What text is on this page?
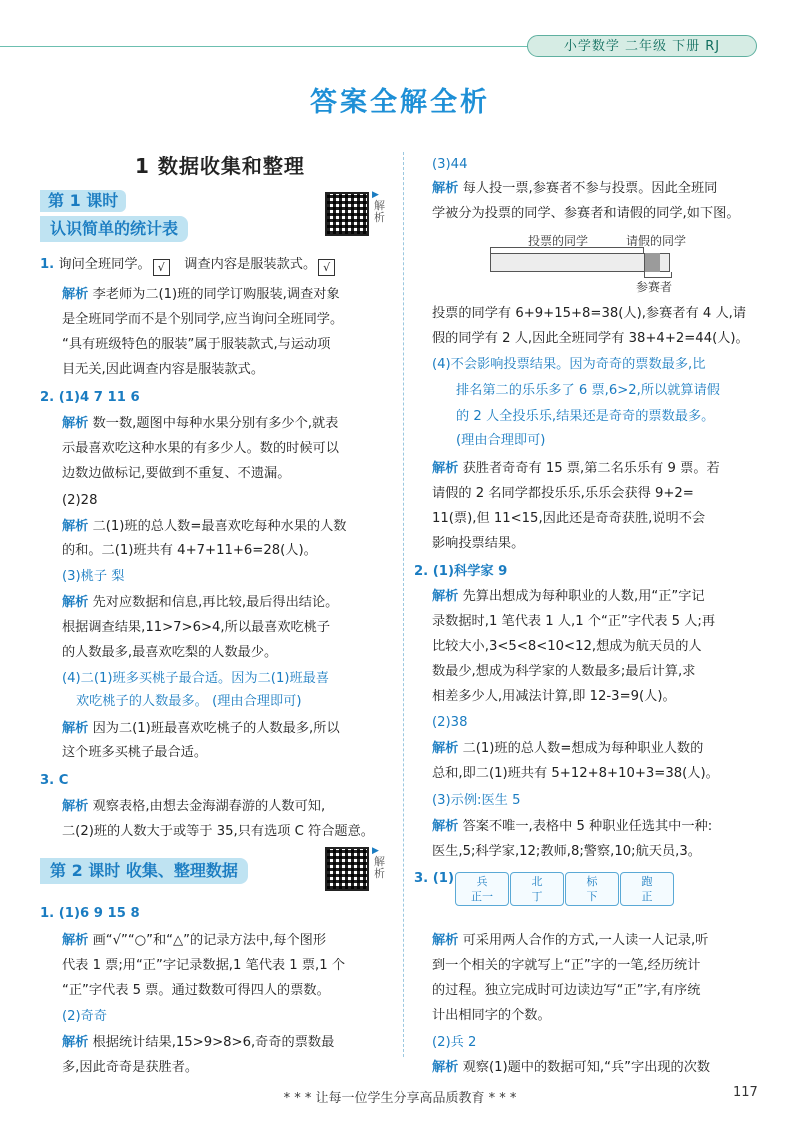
小学数学 二年级 下册 RJ
答案全解全析
1 数据收集和整理
第 1 课时
认识简单的统计表
解析
▶
1. 询问全班同学。 √   调查内容是服装款式。 √
解析 李老师为二(1)班的同学订购服装,调查对象
是全班同学而不是个别同学,应当询问全班同学。
“具有班级特色的服装”属于服装款式,与运动项
目无关,因此调查内容是服装款式。
2. (1)4 7 11 6
解析 数一数,题图中每种水果分别有多少个,就表
示最喜欢吃这种水果的有多少人。数的时候可以
边数边做标记,要做到不重复、不遗漏。
(2)28
解析 二(1)班的总人数=最喜欢吃每种水果的人数
的和。二(1)班共有 4+7+11+6=28(人)。
(3)桃子 梨
解析 先对应数据和信息,再比较,最后得出结论。
根据调查结果,11>7>6>4,所以最喜欢吃桃子
的人数最多,最喜欢吃梨的人数最少。
(4)二(1)班多买桃子最合适。因为二(1)班最喜
欢吃桃子的人数最多。 (理由合理即可)
解析 因为二(1)班最喜欢吃桃子的人数最多,所以
这个班多买桃子最合适。
3. C
解析 观察表格,由想去金海湖春游的人数可知,
二(2)班的人数大于或等于 35,只有选项 C 符合题意。
第 2 课时 收集、整理数据	解析
▶
1. (1)6 9 15 8
解析 画“√”“○”和“△”的记录方法中,每个图形
代表 1 票;用“正”字记录数据,1 笔代表 1 票,1 个
“正”字代表 5 票。通过数数可得四人的票数。
(2)奇奇
解析 根据统计结果,15>9>8>6,奇奇的票数最
多,因此奇奇是获胜者。
(3)44
解析 每人投一票,参赛者不参与投票。因此全班同
学被分为投票的同学、参赛者和请假的同学,如下图。
投票的同学	请假的同学
参赛者
投票的同学有 6+9+15+8=38(人),参赛者有 4 人,请
假的同学有 2 人,因此全班同学有 38+4+2=44(人)。
(4)不会影响投票结果。因为奇奇的票数最多,比
排名第二的乐乐多了 6 票,6>2,所以就算请假
的 2 人全投乐乐,结果还是奇奇的票数最多。
(理由合理即可)
解析 获胜者奇奇有 15 票,第二名乐乐有 9 票。若
请假的 2 名同学都投乐乐,乐乐会获得 9+2=
11(票),但 11<15,因此还是奇奇获胜,说明不会
影响投票结果。
2. (1)科学家 9
解析 先算出想成为每种职业的人数,用“正”字记
录数据时,1 笔代表 1 人,1 个“正”字代表 5 人;再
比较大小,3<5<8<10<12,想成为航天员的人
数最少,想成为科学家的人数最多;最后计算,求
相差多少人,用减法计算,即 12-3=9(人)。
(2)38
解析 二(1)班的总人数=想成为每种职业人数的
总和,即二(1)班共有 5+12+8+10+3=38(人)。
(3)示例:医生 5
解析 答案不唯一,表格中 5 种职业任选其中一种:
医生,5;科学家,12;教师,8;警察,10;航天员,3。
3. (1)	兵
正一
北
丁
标
下
跑
正
解析 可采用两人合作的方式,一人读一人记录,听
到一个相关的字就写上“正”字的一笔,经历统计
的过程。独立完成时可边读边写“正”字,有序统
计出相同字的个数。
(2)兵 2
解析 观察(1)题中的数据可知,“兵”字出现的次数
* * * 让每一位学生分享高品质教育 * * *	117
